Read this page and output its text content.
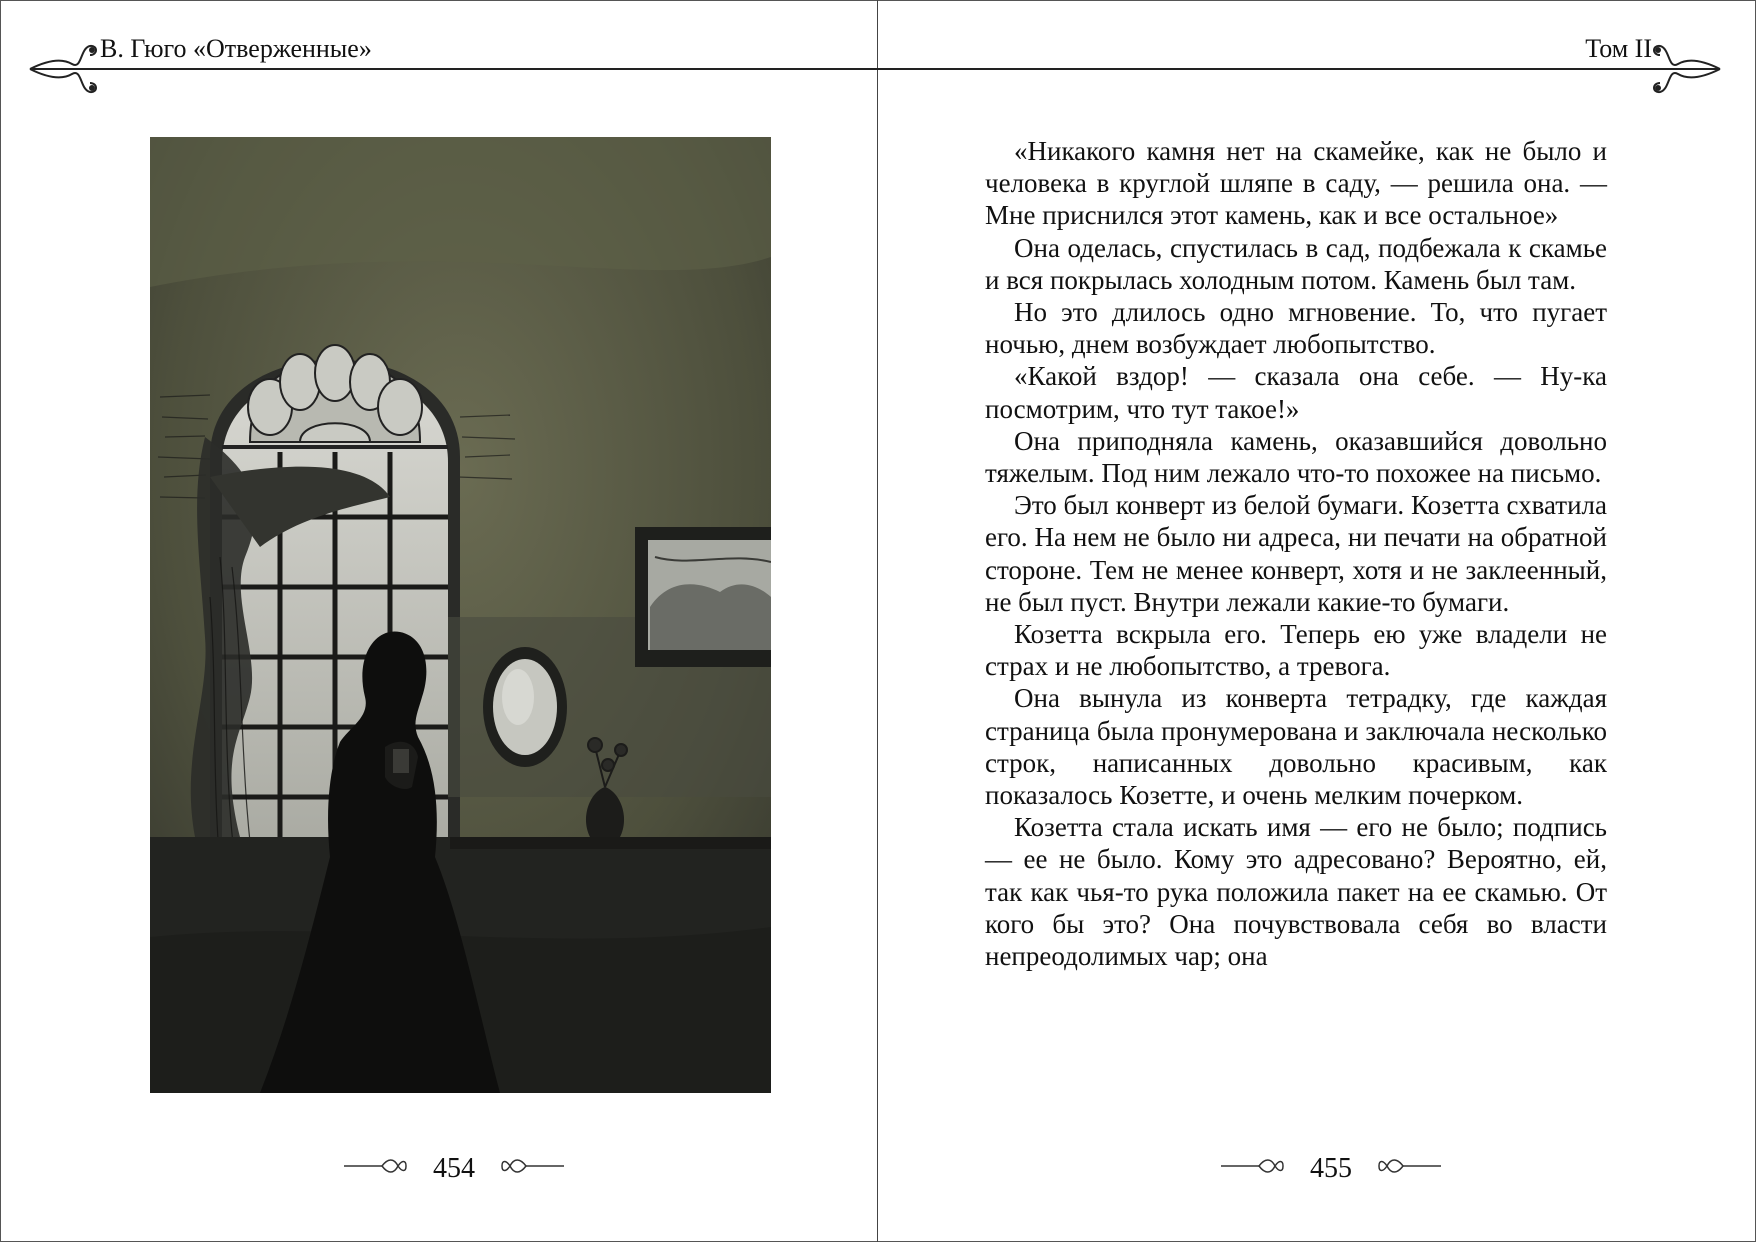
В. Гюго «Отверженные»	Том II

«Никакого камня нет на скамейке, как не было и человека в круглой шляпе в саду, — решила она. — Мне приснился этот камень, как и все остальное»

Она оделась, спустилась в сад, подбежала к скамье и вся покрылась холодным потом. Камень был там.

Но это длилось одно мгновение. То, что пугает ночью, днем возбуждает любопытство.

«Какой вздор! — сказала она себе. — Ну-ка посмотрим, что тут такое!»

Она приподняла камень, оказавшийся довольно тяжелым. Под ним лежало что-то похожее на письмо.

Это был конверт из белой бумаги. Козетта схватила его. На нем не было ни адреса, ни печати на обратной стороне. Тем не менее конверт, хотя и не заклеенный, не был пуст. Внутри лежали какие-то бумаги.

Козетта вскрыла его. Теперь ею уже владели не страх и не любопытство, а тревога.

Она вынула из конверта тетрадку, где каждая страница была пронумерована и заключала несколько строк, написанных довольно красивым, как показалось Козетте, и очень мелким почерком.

Козетта стала искать имя — его не было; подпись — ее не было. Кому это адресовано? Вероятно, ей, так как чья-то рука положила пакет на ее скамью. От кого бы это? Она почувствовала себя во власти непреодолимых чар; она

454	455
